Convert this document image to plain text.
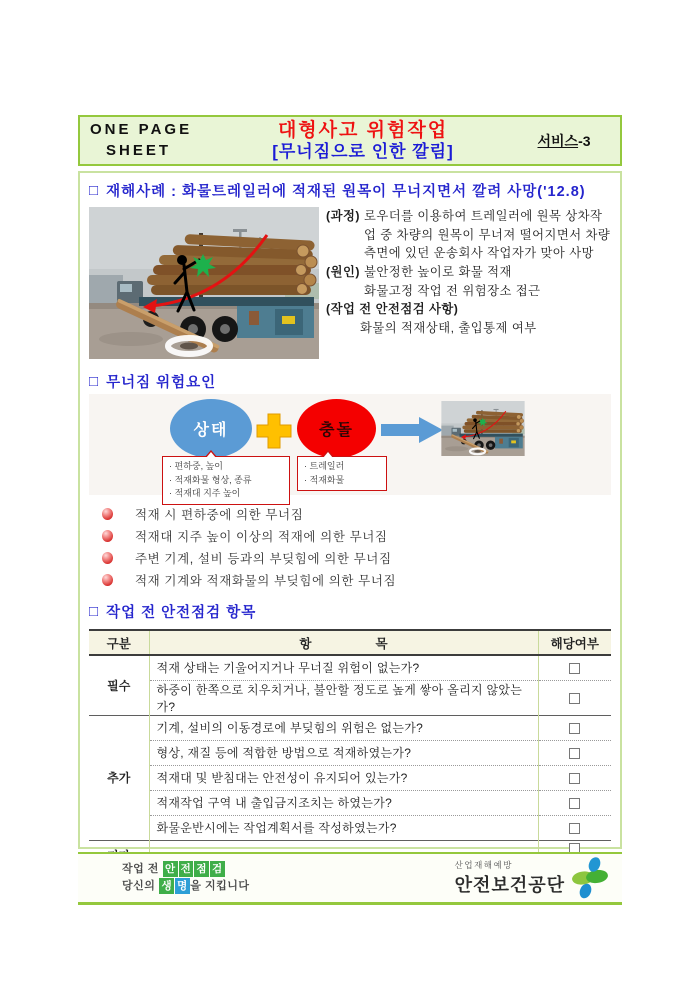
ONE PAGE
SHEET
대형사고 위험작업
[무너짐으로 인한 깔림]
서비스-3
□ 재해사례 : 화물트레일러에 적재된 원목이 무너지면서 깔려 사망('12.8)
(과정) 로우더를 이용하여 트레일러에 원목 상차작업 중 차량의 원목이 무너져 떨어지면서 차량 측면에 있던 운송회사 작업자가 맞아 사망
(원인) 불안정한 높이로 화물 적재
화물고정 작업 전 위험장소 접근
(작업 전 안전점검 사항)
화물의 적재상태, 출입통제 여부
□ 무너짐 위험요인
상태	충돌
· 편하중, 높이
· 적재화물 형상, 종류
· 적재대 지주 높이
· 트레일러
· 적재화물
적재 시 편하중에 의한 무너짐
적재대 지주 높이 이상의 적재에 의한 무너짐
주변 기계, 설비 등과의 부딪힘에 의한 무너짐
적재 기계와 적재화물의 부딪힘에 의한 무너짐
□ 작업 전 안전점검 항목
구분	항 목	해당여부
필수	적재 상태는 기울어지거나 무너질 위험이 없는가?	
	하중이 한쪽으로 치우치거나, 불안할 정도로 높게 쌓아 올리지 않았는가?	
추가	기계, 설비의 이동경로에 부딪힘의 위험은 없는가?	
	형상, 재질 등에 적합한 방법으로 적재하였는가?	
	적재대 및 받침대는 안전성이 유지되어 있는가?	
	적재작업 구역 내 출입금지조치는 하였는가?	
	화물운반시에는 작업계획서를 작성하였는가?	

작업 전 안 전 점 검
당신의 생 명 을 지킵니다
산업재해예방
안전보건공단
